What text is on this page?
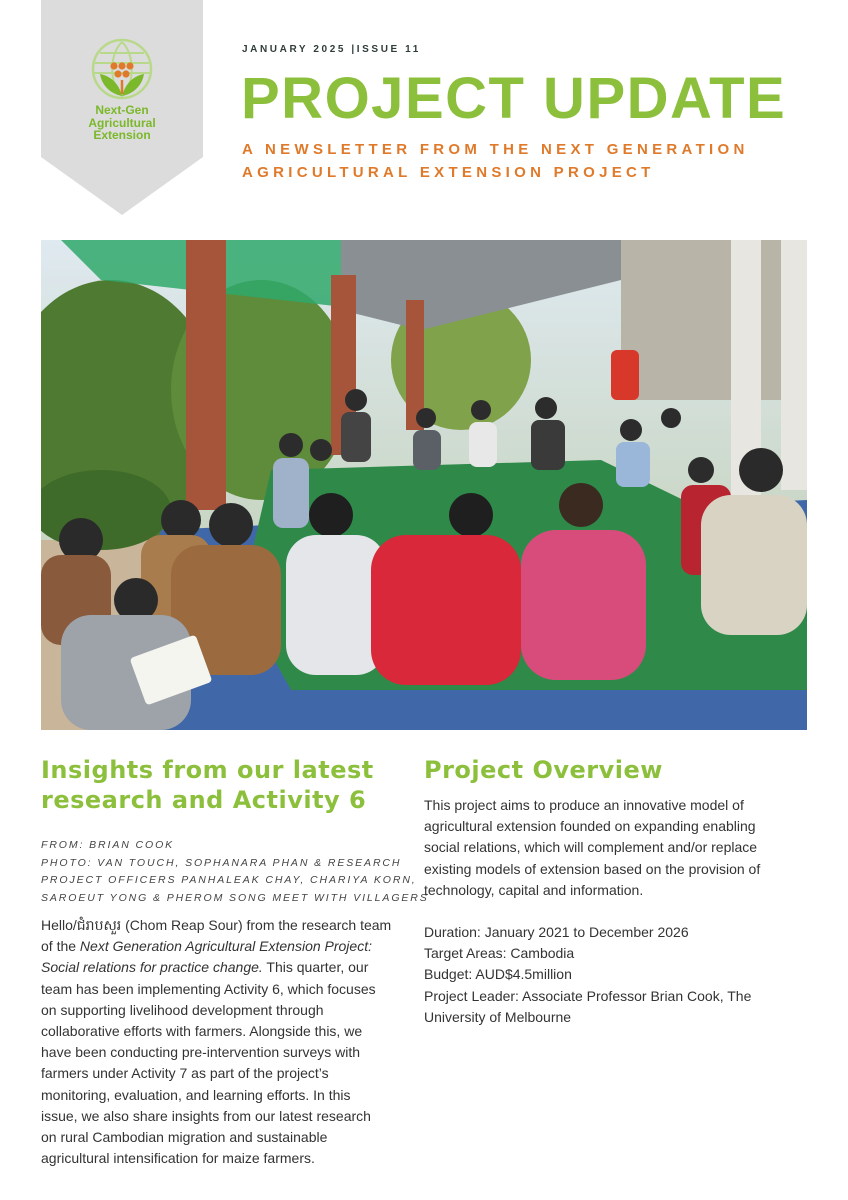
Next-Gen
Agricultural
Extension
JANUARY 2025 |ISSUE 11
PROJECT UPDATE
A NEWSLETTER FROM THE NEXT GENERATION
AGRICULTURAL EXTENSION PROJECT
Insights from our latest
research and Activity 6
FROM: BRIAN COOK
PHOTO: VAN TOUCH, SOPHANARA PHAN & RESEARCH
PROJECT OFFICERS PANHALEAK CHAY, CHARIYA KORN,
SAROEUT YONG & PHEROM SONG MEET WITH VILLAGERS
Hello/ជំរាបសួរ (Chom Reap Sour) from the research team
of the Next Generation Agricultural Extension Project:
Social relations for practice change. This quarter, our
team has been implementing Activity 6, which focuses
on supporting livelihood development through
collaborative efforts with farmers. Alongside this, we
have been conducting pre-intervention surveys with
farmers under Activity 7 as part of the project’s
monitoring, evaluation, and learning efforts. In this
issue, we also share insights from our latest research
on rural Cambodian migration and sustainable
agricultural intensification for maize farmers.
Project Overview
This project aims to produce an innovative model of
agricultural extension founded on expanding enabling
social relations, which will complement and/or replace
existing models of extension based on the provision of
technology, capital and information.
Duration: January 2021 to December 2026
Target Areas: Cambodia
Budget: AUD$4.5million
Project Leader: Associate Professor Brian Cook, The
University of Melbourne
